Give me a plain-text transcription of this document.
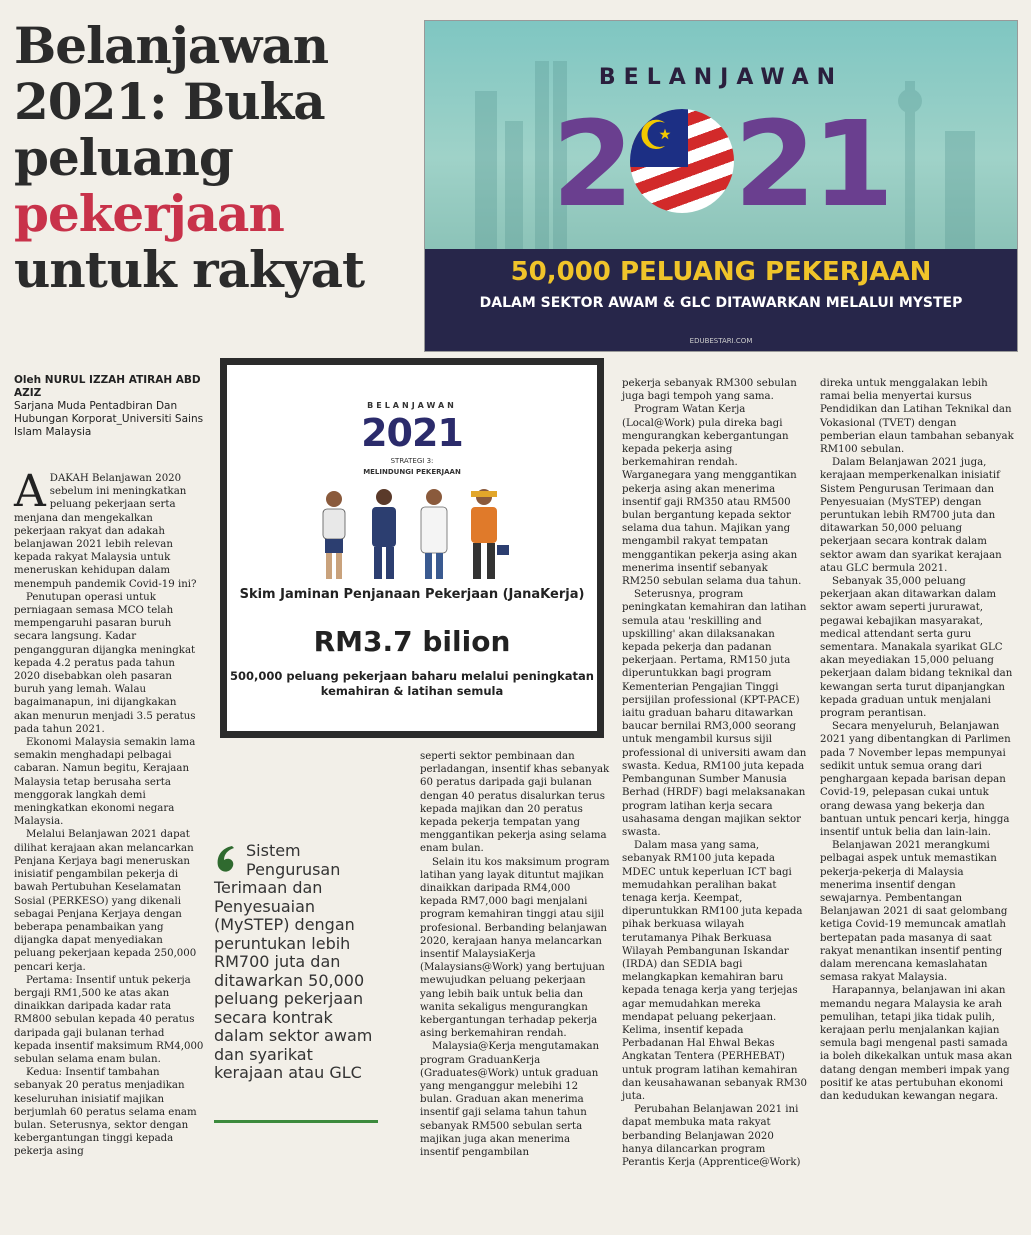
Belanjawan
2021: Buka
peluang
pekerjaan
untuk rakyat
BELANJAWAN
2☪ 21
50,000 PELUANG PEKERJAAN
DALAM SEKTOR AWAM & GLC DITAWARKAN MELALUI MYSTEP
EDUBESTARI.COM
Oleh NURUL IZZAH ATIRAH ABD AZIZ
Sarjana Muda Pentadbiran Dan Hubungan Korporat_Universiti Sains Islam Malaysia

ADAKAH Belanjawan 2020 sebelum ini meningkatkan peluang pekerjaan serta menjana dan mengekalkan pekerjaan rakyat dan adakah belanjawan 2021 lebih relevan kepada rakyat Malaysia untuk meneruskan kehidupan dalam menempuh pandemik Covid-19 ini?

Penutupan operasi untuk perniagaan semasa MCO telah mempengaruhi pasaran buruh secara langsung. Kadar pengangguran dijangka meningkat kepada 4.2 peratus pada tahun 2020 disebabkan oleh pasaran buruh yang lemah. Walau bagaimanapun, ini dijangkakan akan menurun menjadi 3.5 peratus pada tahun 2021.

Ekonomi Malaysia semakin lama semakin menghadapi pelbagai cabaran. Namun begitu, Kerajaan Malaysia tetap berusaha serta menggorak langkah demi meningkatkan ekonomi negara Malaysia.

Melalui Belanjawan 2021 dapat dilihat kerajaan akan melancarkan Penjana Kerjaya bagi meneruskan inisiatif pengambilan pekerja di bawah Pertubuhan Keselamatan Sosial (PERKESO) yang dikenali sebagai Penjana Kerjaya dengan beberapa penambaikan yang dijangka dapat menyediakan peluang pekerjaan kepada 250,000 pencari kerja.

Pertama: Insentif untuk pekerja bergaji RM1,500 ke atas akan dinaikkan daripada kadar rata RM800 sebulan kepada 40 peratus daripada gaji bulanan terhad kepada insentif maksimum RM4,000 sebulan selama enam bulan.

Kedua: Insentif tambahan sebanyak 20 peratus menjadikan keseluruhan inisiatif majikan berjumlah 60 peratus selama enam bulan. Seterusnya, sektor dengan kebergantungan tinggi kepada pekerja asing

BELANJAWAN
2021
STRATEGI 3:
MELINDUNGI PEKERJAAN
Skim Jaminan Penjanaan Pekerjaan (JanaKerja)
RM3.7 bilion
500,000 peluang pekerjaan baharu melalui peningkatan kemahiran & latihan semula
Sistem Pengurusan Terimaan dan Penyesuaian (MySTEP) dengan peruntukan lebih RM700 juta dan ditawarkan 50,000 peluang pekerjaan secara kontrak dalam sektor awam dan syarikat kerajaan atau GLC

seperti sektor pembinaan dan perladangan, insentif khas sebanyak 60 peratus daripada gaji bulanan dengan 40 peratus disalurkan terus kepada majikan dan 20 peratus kepada pekerja tempatan yang menggantikan pekerja asing selama enam bulan.

Selain itu kos maksimum program latihan yang layak dituntut majikan dinaikkan daripada RM4,000 kepada RM7,000 bagi menjalani program kemahiran tinggi atau sijil profesional. Berbanding belanjawan 2020, kerajaan hanya melancarkan insentif MalaysiaKerja (Malaysians@Work) yang bertujuan mewujudkan peluang pekerjaan yang lebih baik untuk belia dan wanita sekaligus mengurangkan kebergantungan terhadap pekerja asing berkemahiran rendah.

Malaysia@Kerja mengutamakan program GraduanKerja (Graduates@Work) untuk graduan yang menganggur melebihi 12 bulan. Graduan akan menerima insentif gaji selama tahun tahun sebanyak RM500 sebulan serta majikan juga akan menerima insentif pengambilan

pekerja sebanyak RM300 sebulan juga bagi tempoh yang sama.

Program Watan Kerja (Local@Work) pula direka bagi mengurangkan kebergantungan kepada pekerja asing berkemahiran rendah. Warganegara yang menggantikan pekerja asing akan menerima insentif gaji RM350 atau RM500 bulan bergantung kepada sektor selama dua tahun. Majikan yang mengambil rakyat tempatan menggantikan pekerja asing akan menerima insentif sebanyak RM250 sebulan selama dua tahun.

Seterusnya, program peningkatan kemahiran dan latihan semula atau 'reskilling and upskilling' akan dilaksanakan kepada pekerja dan padanan pekerjaan. Pertama, RM150 juta diperuntukkan bagi program Kementerian Pengajian Tinggi persijilan professional (KPT-PACE) iaitu graduan baharu ditawarkan baucar bernilai RM3,000 seorang untuk mengambil kursus sijil professional di universiti awam dan swasta. Kedua, RM100 juta kepada Pembangunan Sumber Manusia Berhad (HRDF) bagi melaksanakan program latihan kerja secara usahasama dengan majikan sektor swasta.

Dalam masa yang sama, sebanyak RM100 juta kepada MDEC untuk keperluan ICT bagi memudahkan peralihan bakat tenaga kerja. Keempat, diperuntukkan RM100 juta kepada pihak berkuasa wilayah terutamanya Pihak Berkuasa Wilayah Pembangunan Iskandar (IRDA) dan SEDIA bagi melangkapkan kemahiran baru kepada tenaga kerja yang terjejas agar memudahkan mereka mendapat peluang pekerjaan. Kelima, insentif kepada Perbadanan Hal Ehwal Bekas Angkatan Tentera (PERHEBAT) untuk program latihan kemahiran dan keusahawanan sebanyak RM30 juta.

Perubahan Belanjawan 2021 ini dapat membuka mata rakyat berbanding Belanjawan 2020 hanya dilancarkan program Perantis Kerja (Apprentice@Work)

direka untuk menggalakan lebih ramai belia menyertai kursus Pendidikan dan Latihan Teknikal dan Vokasional (TVET) dengan pemberian elaun tambahan sebanyak RM100 sebulan.

Dalam Belanjawan 2021 juga, kerajaan memperkenalkan inisiatif Sistem Pengurusan Terimaan dan Penyesuaian (MySTEP) dengan peruntukan lebih RM700 juta dan ditawarkan 50,000 peluang pekerjaan secara kontrak dalam sektor awam dan syarikat kerajaan atau GLC bermula 2021.

Sebanyak 35,000 peluang pekerjaan akan ditawarkan dalam sektor awam seperti jururawat, pegawai kebajikan masyarakat, medical attendant serta guru sementara. Manakala syarikat GLC akan meyediakan 15,000 peluang pekerjaan dalam bidang teknikal dan kewangan serta turut dipanjangkan kepada graduan untuk menjalani program perantisan.

Secara menyeluruh, Belanjawan 2021 yang dibentangkan di Parlimen pada 7 November lepas mempunyai sedikit untuk semua orang dari penghargaan kepada barisan depan Covid-19, pelepasan cukai untuk orang dewasa yang bekerja dan bantuan untuk pencari kerja, hingga insentif untuk belia dan lain-lain.

Belanjawan 2021 merangkumi pelbagai aspek untuk memastikan pekerja-pekerja di Malaysia menerima insentif dengan sewajarnya. Pembentangan Belanjawan 2021 di saat gelombang ketiga Covid-19 memuncak amatlah bertepatan pada masanya di saat rakyat menantikan insentif penting dalam merencana kemaslahatan semasa rakyat Malaysia.

Harapannya, belanjawan ini akan memandu negara Malaysia ke arah pemulihan, tetapi jika tidak pulih, kerajaan perlu menjalankan kajian semula bagi mengenal pasti samada ia boleh dikekalkan untuk masa akan datang dengan memberi impak yang positif ke atas pertubuhan ekonomi dan kedudukan kewangan negara.
